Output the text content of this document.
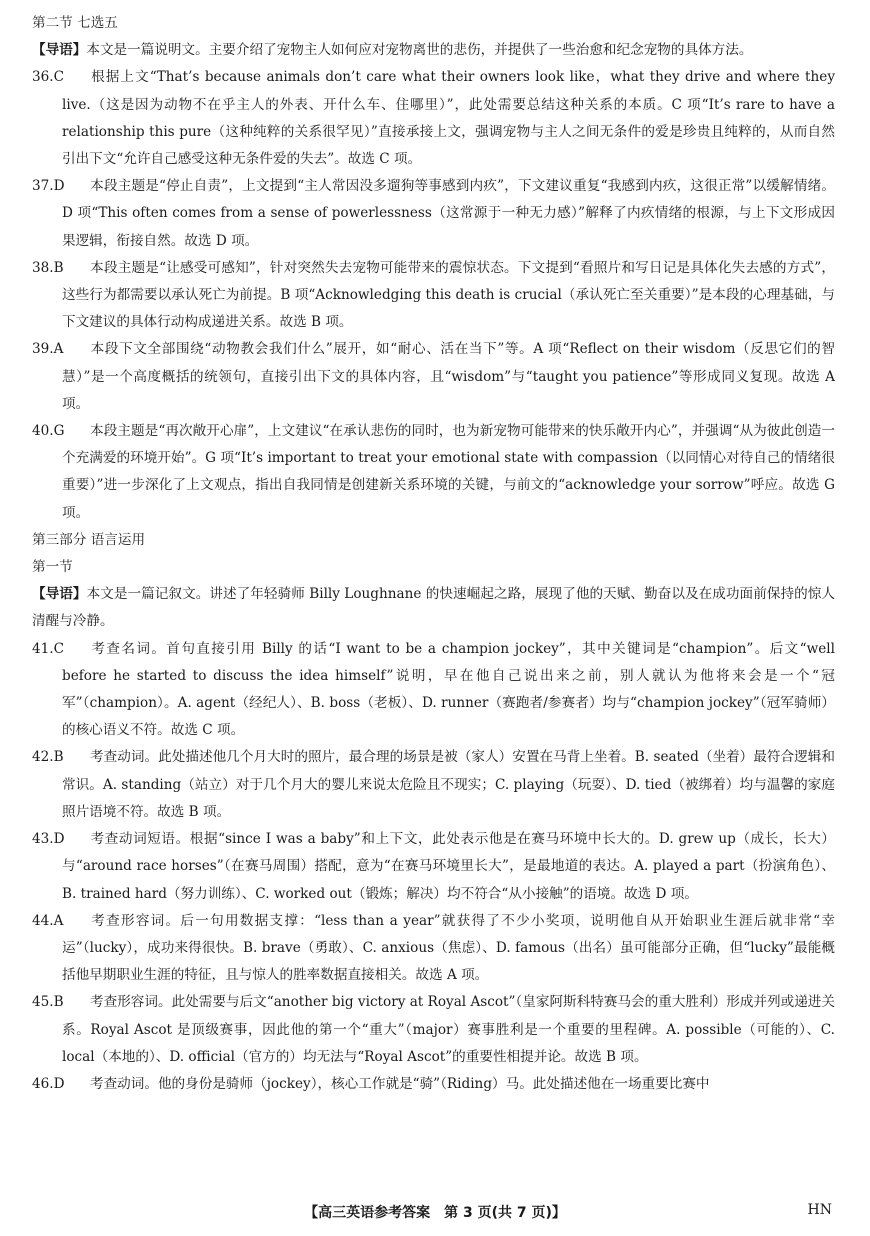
第二节 七选五
【导语】本文是一篇说明文。主要介绍了宠物主人如何应对宠物离世的悲伤，并提供了一些治愈和纪念宠物的具体方法。
36.C 根据上文“That’s because animals don’t care what their owners look like，what they drive and where they live.（这是因为动物不在乎主人的外表、开什么车、住哪里）”，此处需要总结这种关系的本质。C 项“It’s rare to have a relationship this pure（这种纯粹的关系很罕见）”直接承接上文，强调宠物与主人之间无条件的爱是珍贵且纯粹的，从而自然引出下文“允许自己感受这种无条件爱的失去”。故选 C 项。
37.D 本段主题是“停止自责”，上文提到“主人常因没多遛狗等事感到内疚”，下文建议重复“我感到内疚，这很正常”以缓解情绪。D 项“This often comes from a sense of powerlessness（这常源于一种无力感）”解释了内疚情绪的根源，与上下文形成因果逻辑，衔接自然。故选 D 项。
38.B 本段主题是“让感受可感知”，针对突然失去宠物可能带来的震惊状态。下文提到“看照片和写日记是具体化失去感的方式”，这些行为都需要以承认死亡为前提。B 项“Acknowledging this death is crucial（承认死亡至关重要）”是本段的心理基础，与下文建议的具体行动构成递进关系。故选 B 项。
39.A 本段下文全部围绕“动物教会我们什么”展开，如“耐心、活在当下”等。A 项“Reflect on their wisdom（反思它们的智慧）”是一个高度概括的统领句，直接引出下文的具体内容，且“wisdom”与“taught you patience”等形成同义复现。故选 A 项。
40.G 本段主题是“再次敞开心扉”，上文建议“在承认悲伤的同时，也为新宠物可能带来的快乐敞开内心”，并强调“从为彼此创造一个充满爱的环境开始”。G 项“It’s important to treat your emotional state with compassion（以同情心对待自己的情绪很重要）”进一步深化了上文观点，指出自我同情是创建新关系环境的关键，与前文的“acknowledge your sorrow”呼应。故选 G 项。
第三部分 语言运用
第一节
【导语】本文是一篇记叙文。讲述了年轻骑师 Billy Loughnane 的快速崛起之路，展现了他的天赋、勤奋以及在成功面前保持的惊人清醒与冷静。
41.C 考查名词。首句直接引用 Billy 的话“I want to be a champion jockey”，其中关键词是“champion”。后文“well before he started to discuss the idea himself”说明，早在他自己说出来之前，别人就认为他将来会是一个“冠军”（champion）。A. agent（经纪人）、B. boss（老板）、D. runner（赛跑者/参赛者）均与“champion jockey”（冠军骑师）的核心语义不符。故选 C 项。
42.B 考查动词。此处描述他几个月大时的照片，最合理的场景是被（家人）安置在马背上坐着。B. seated（坐着）最符合逻辑和常识。A. standing（站立）对于几个月大的婴儿来说太危险且不现实；C. playing（玩耍）、D. tied（被绑着）均与温馨的家庭照片语境不符。故选 B 项。
43.D 考查动词短语。根据“since I was a baby”和上下文，此处表示他是在赛马环境中长大的。D. grew up（成长，长大）与“around race horses”（在赛马周围）搭配，意为“在赛马环境里长大”，是最地道的表达。A. played a part（扮演角色）、B. trained hard（努力训练）、C. worked out（锻炼；解决）均不符合“从小接触”的语境。故选 D 项。
44.A 考查形容词。后一句用数据支撑：“less than a year”就获得了不少小奖项，说明他自从开始职业生涯后就非常“幸运”（lucky），成功来得很快。B. brave（勇敢）、C. anxious（焦虑）、D. famous（出名）虽可能部分正确，但“lucky”最能概括他早期职业生涯的特征，且与惊人的胜率数据直接相关。故选 A 项。
45.B 考查形容词。此处需要与后文“another big victory at Royal Ascot”（皇家阿斯科特赛马会的重大胜利）形成并列或递进关系。Royal Ascot 是顶级赛事，因此他的第一个“重大”（major）赛事胜利是一个重要的里程碑。A. possible（可能的）、C. local（本地的）、D. official（官方的）均无法与“Royal Ascot”的重要性相提并论。故选 B 项。
46.D 考查动词。他的身份是骑师（jockey），核心工作就是“骑”（Riding）马。此处描述他在一场重要比赛中
【高三英语参考答案　第 3 页(共 7 页)】	HN
